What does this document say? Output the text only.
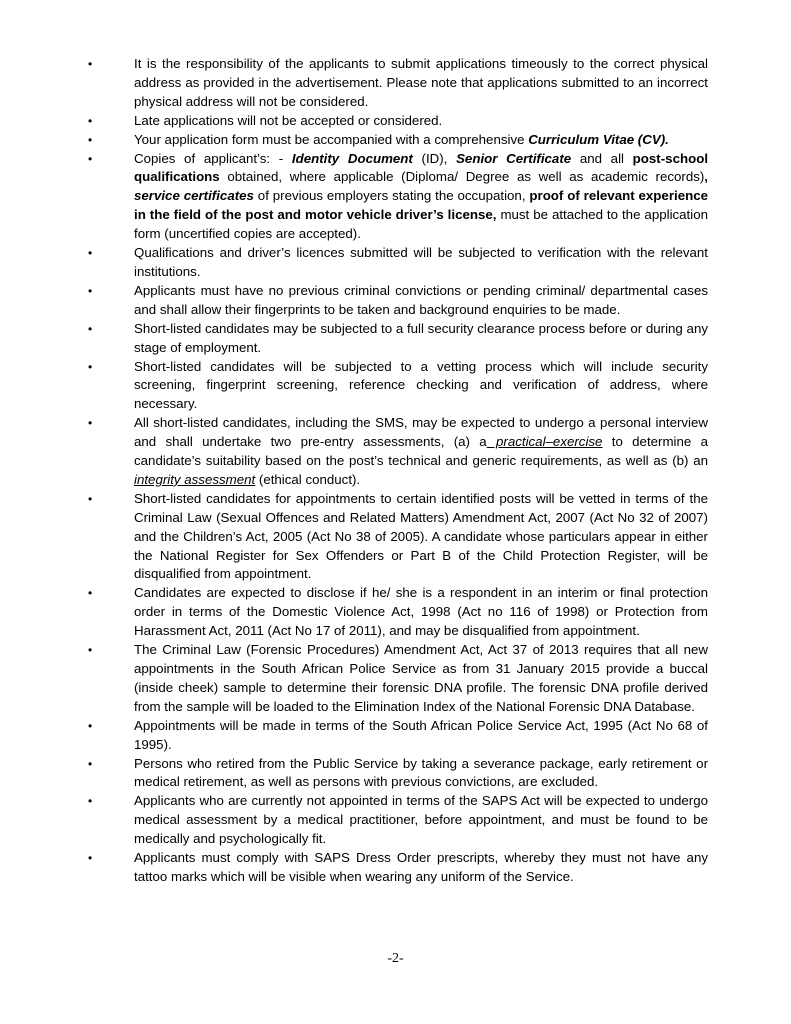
•	It is the responsibility of the applicants to submit applications timeously to the correct physical address as provided in the advertisement. Please note that applications submitted to an incorrect physical address will not be considered.
•	Late applications will not be accepted or considered.
•	Your application form must be accompanied with a comprehensive Curriculum Vitae (CV).
•	Copies of applicant’s: - Identity Document (ID), Senior Certificate and all post-school qualifications obtained, where applicable (Diploma/ Degree as well as academic records), service certificates of previous employers stating the occupation, proof of relevant experience in the field of the post and motor vehicle driver’s license, must be attached to the application form (uncertified copies are accepted).
•	Qualifications and driver’s licences submitted will be subjected to verification with the relevant institutions.
•	Applicants must have no previous criminal convictions or pending criminal/ departmental cases and shall allow their fingerprints to be taken and background enquiries to be made.
•	Short-listed candidates may be subjected to a full security clearance process before or during any stage of employment.
•	Short-listed candidates will be subjected to a vetting process which will include security screening, fingerprint screening, reference checking and verification of address, where necessary.
•	All short-listed candidates, including the SMS, may be expected to undergo a personal interview and shall undertake two pre-entry assessments, (a) a practical–exercise to determine a candidate’s suitability based on the post’s technical and generic requirements, as well as (b) an integrity assessment (ethical conduct).
•	Short-listed candidates for appointments to certain identified posts will be vetted in terms of the Criminal Law (Sexual Offences and Related Matters) Amendment Act, 2007 (Act No 32 of 2007) and the Children’s Act, 2005 (Act No 38 of 2005). A candidate whose particulars appear in either the National Register for Sex Offenders or Part B of the Child Protection Register, will be disqualified from appointment.
•	Candidates are expected to disclose if he/ she is a respondent in an interim or final protection order in terms of the Domestic Violence Act, 1998 (Act no 116 of 1998) or Protection from Harassment Act, 2011 (Act No 17 of 2011), and may be disqualified from appointment.
•	The Criminal Law (Forensic Procedures) Amendment Act, Act 37 of 2013 requires that all new appointments in the South African Police Service as from 31 January 2015 provide a buccal (inside cheek) sample to determine their forensic DNA profile. The forensic DNA profile derived from the sample will be loaded to the Elimination Index of the National Forensic DNA Database.
•	Appointments will be made in terms of the South African Police Service Act, 1995 (Act No 68 of 1995).
•	Persons who retired from the Public Service by taking a severance package, early retirement or medical retirement, as well as persons with previous convictions, are excluded.
•	Applicants who are currently not appointed in terms of the SAPS Act will be expected to undergo medical assessment by a medical practitioner, before appointment, and must be found to be medically and psychologically fit.
•	Applicants must comply with SAPS Dress Order prescripts, whereby they must not have any tattoo marks which will be visible when wearing any uniform of the Service.
-2-
